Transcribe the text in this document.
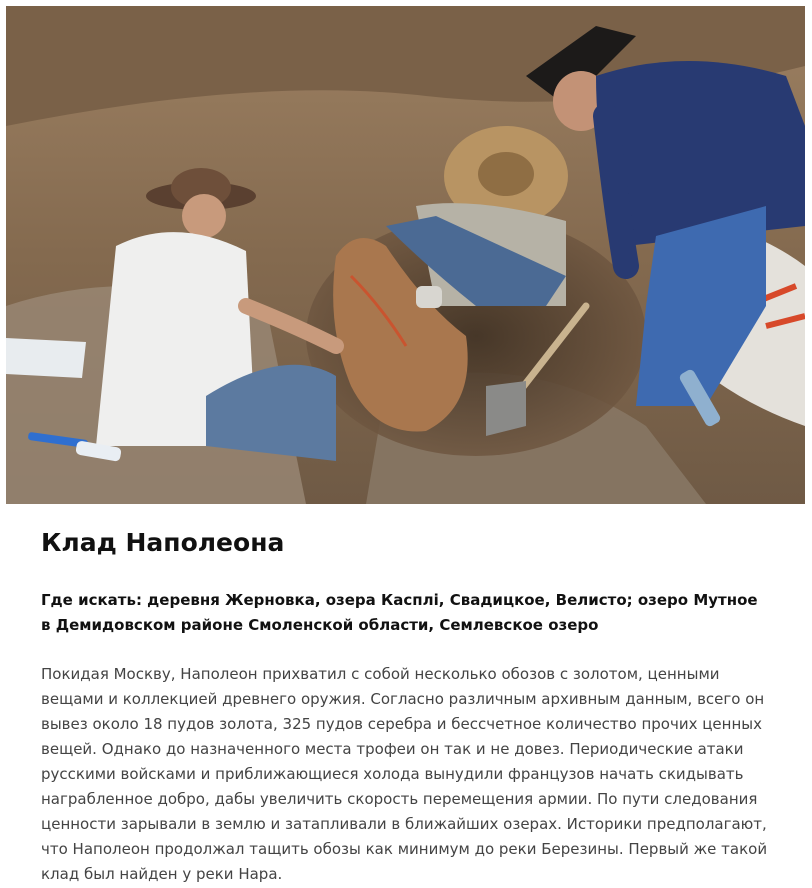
Клад Наполеона

Где искать: деревня Жерновка, озера Касплі, Свадицкое, Велисто; озеро Мутное в Демидовском районе Смоленской области, Семлевское озеро

Покидая Москву, Наполеон прихватил с собой несколько обозов с золотом, ценными вещами и коллекцией древнего оружия. Согласно различным архивным данным, всего он вывез около 18 пудов золота, 325 пудов серебра и бессчетное количество прочих ценных вещей. Однако до назначенного места трофеи он так и не довез. Периодические атаки русскими войсками и приближающиеся холода вынудили французов начать скидывать награбленное добро, дабы увеличить скорость перемещения армии. По пути следования ценности зарывали в землю и затапливали в ближайших озерах. Историки предполагают, что Наполеон продолжал тащить обозы как минимум до реки Березины. Первый же такой клад был найден у реки Нара.
